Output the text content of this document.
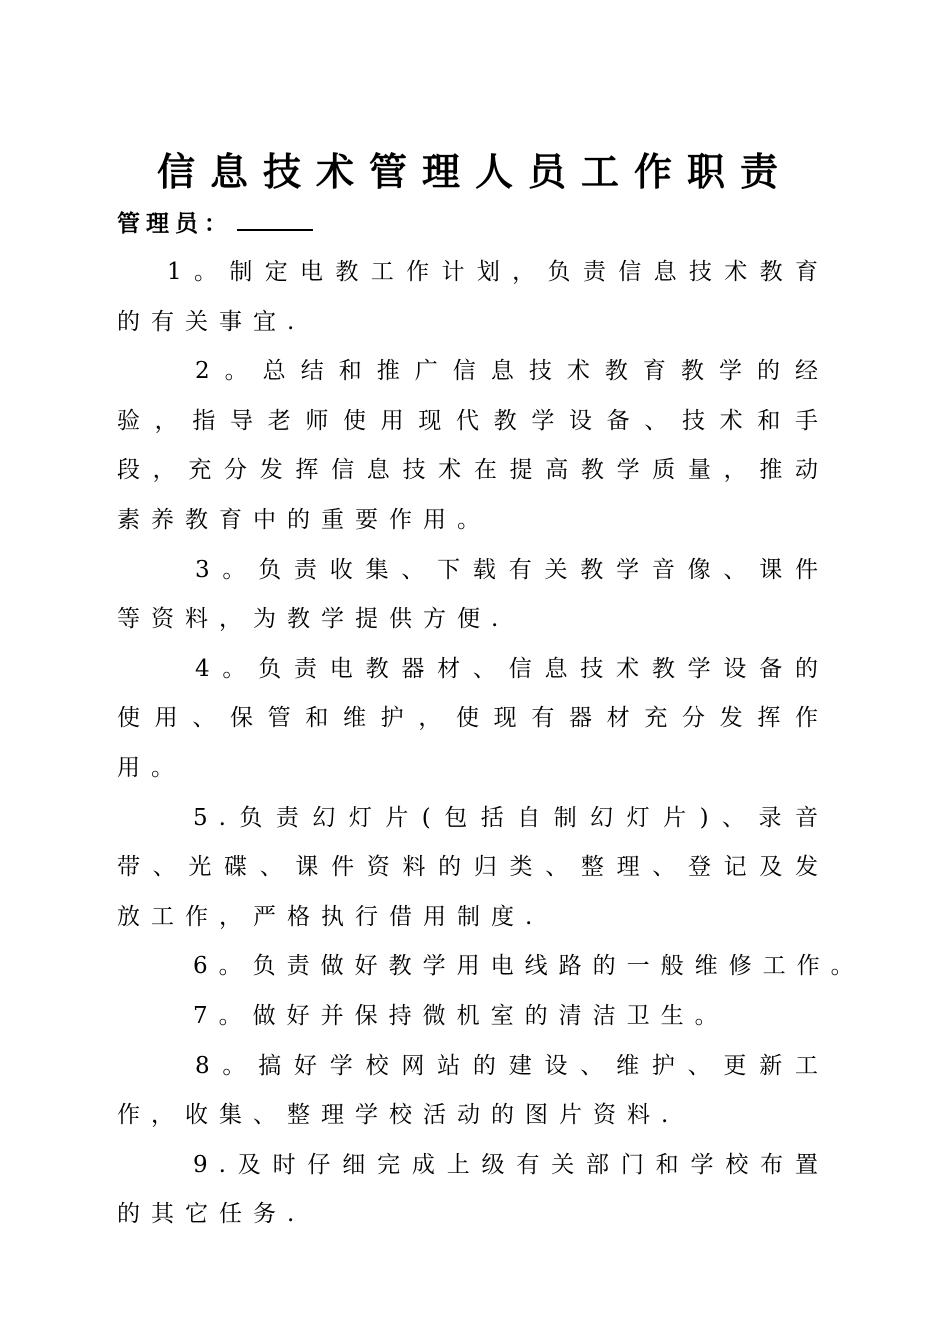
信息技术管理人员工作职责
管理员：

1。制定电教工作计划，负责信息技术教育的有关事宜.

2。总结和推广信息技术教育教学的经验，指导老师使用现代教学设备、技术和手段，充分发挥信息技术在提高教学质量，推动素养教育中的重要作用。

3。负责收集、下载有关教学音像、课件等资料，为教学提供方便.

4。负责电教器材、信息技术教学设备的使用、保管和维护，使现有器材充分发挥作用。

5.负责幻灯片(包括自制幻灯片)、录音带、光碟、课件资料的归类、整理、登记及发放工作，严格执行借用制度.

6。负责做好教学用电线路的一般维修工作。

7。做好并保持微机室的清洁卫生。

8。搞好学校网站的建设、维护、更新工作，收集、整理学校活动的图片资料.

9.及时仔细完成上级有关部门和学校布置的其它任务.
